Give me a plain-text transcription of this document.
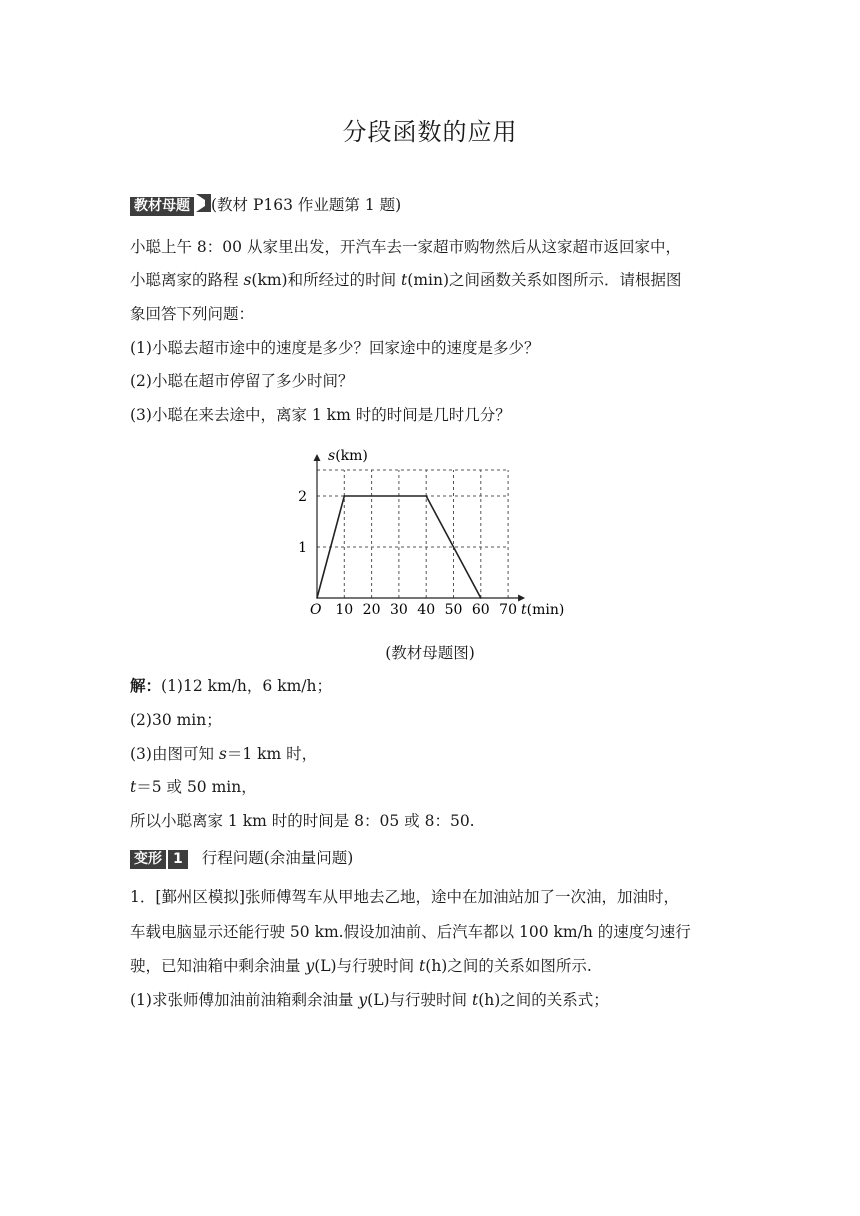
分段函数的应用
教材母题 (教材 P163 作业题第 1 题)
小聪上午 8：00 从家里出发，开汽车去一家超市购物然后从这家超市返回家中，
小聪离家的路程 s(km)和所经过的时间 t(min)之间函数关系如图所示．请根据图
象回答下列问题：
(1)小聪去超市途中的速度是多少？回家途中的速度是多少？
(2)小聪在超市停留了多少时间？
(3)小聪在来去途中，离家 1 km 时的时间是几时几分？
10 20 30 40 50 60 70
1
2
s(km)
t(min)
O
(教材母题图)
解：(1)12 km/h，6 km/h；
(2)30 min；
(3)由图可知 s＝1 km 时，
t＝5 或 50 min，
所以小聪离家 1 km 时的时间是 8：05 或 8：50.
变形 1 行程问题(余油量问题)
1．[鄞州区模拟]张师傅驾车从甲地去乙地，途中在加油站加了一次油，加油时，
车载电脑显示还能行驶 50 km.假设加油前、后汽车都以 100 km/h 的速度匀速行
驶，已知油箱中剩余油量 y(L)与行驶时间 t(h)之间的关系如图所示.
(1)求张师傅加油前油箱剩余油量 y(L)与行驶时间 t(h)之间的关系式；
